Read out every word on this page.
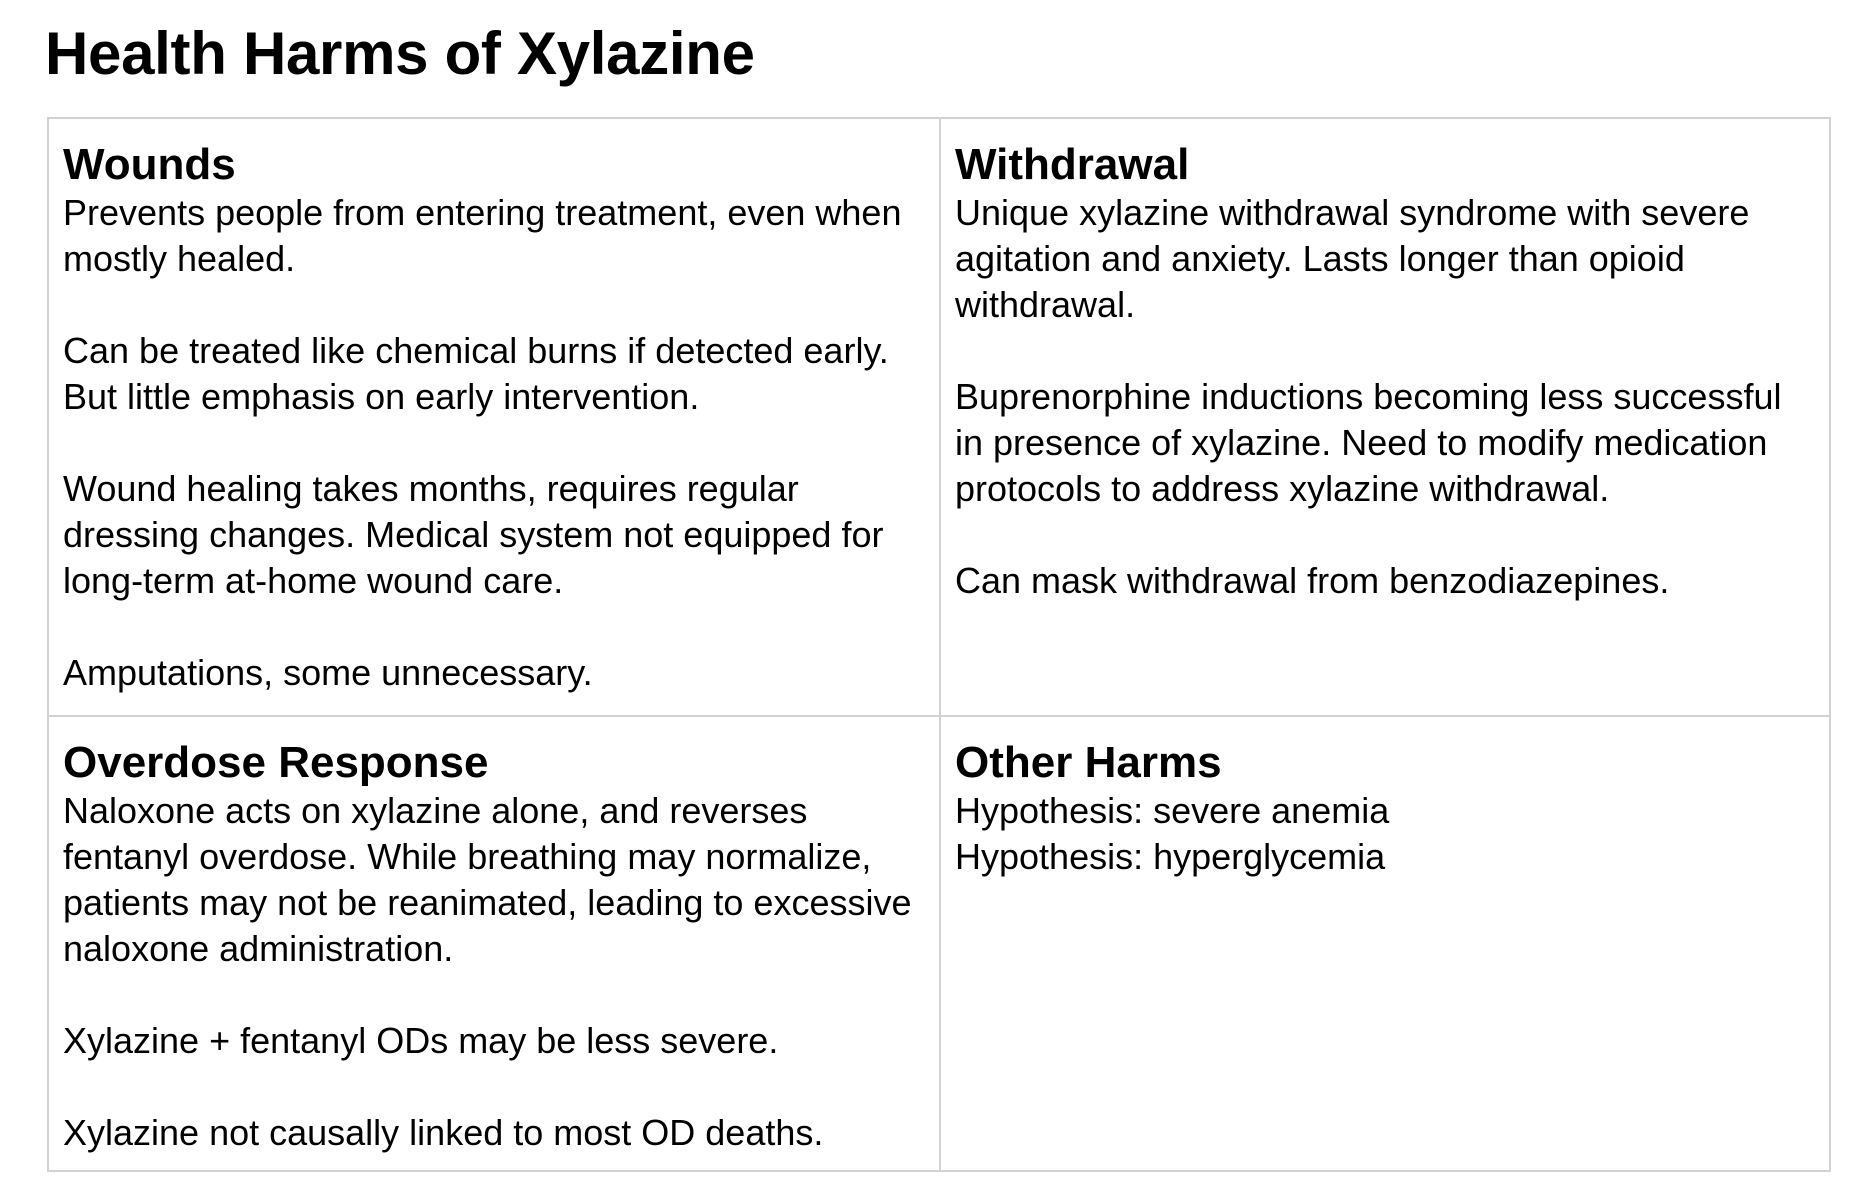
Health Harms of Xylazine
Wounds

Prevents people from entering treatment, even when mostly healed.

Can be treated like chemical burns if detected early. But little emphasis on early intervention.

Wound healing takes months, requires regular dressing changes. Medical system not equipped for long-term at-home wound care.

Amputations, some unnecessary.

Withdrawal

Unique xylazine withdrawal syndrome with severe agitation and anxiety. Lasts longer than opioid withdrawal.

Buprenorphine inductions becoming less successful in presence of xylazine. Need to modify medication protocols to address xylazine withdrawal.

Can mask withdrawal from benzodiazepines.

Overdose Response

Naloxone acts on xylazine alone, and reverses fentanyl overdose. While breathing may normalize, patients may not be reanimated, leading to excessive naloxone administration.

Xylazine + fentanyl ODs may be less severe.

Xylazine not causally linked to most OD deaths.

Other Harms

Hypothesis: severe anemia

Hypothesis: hyperglycemia
